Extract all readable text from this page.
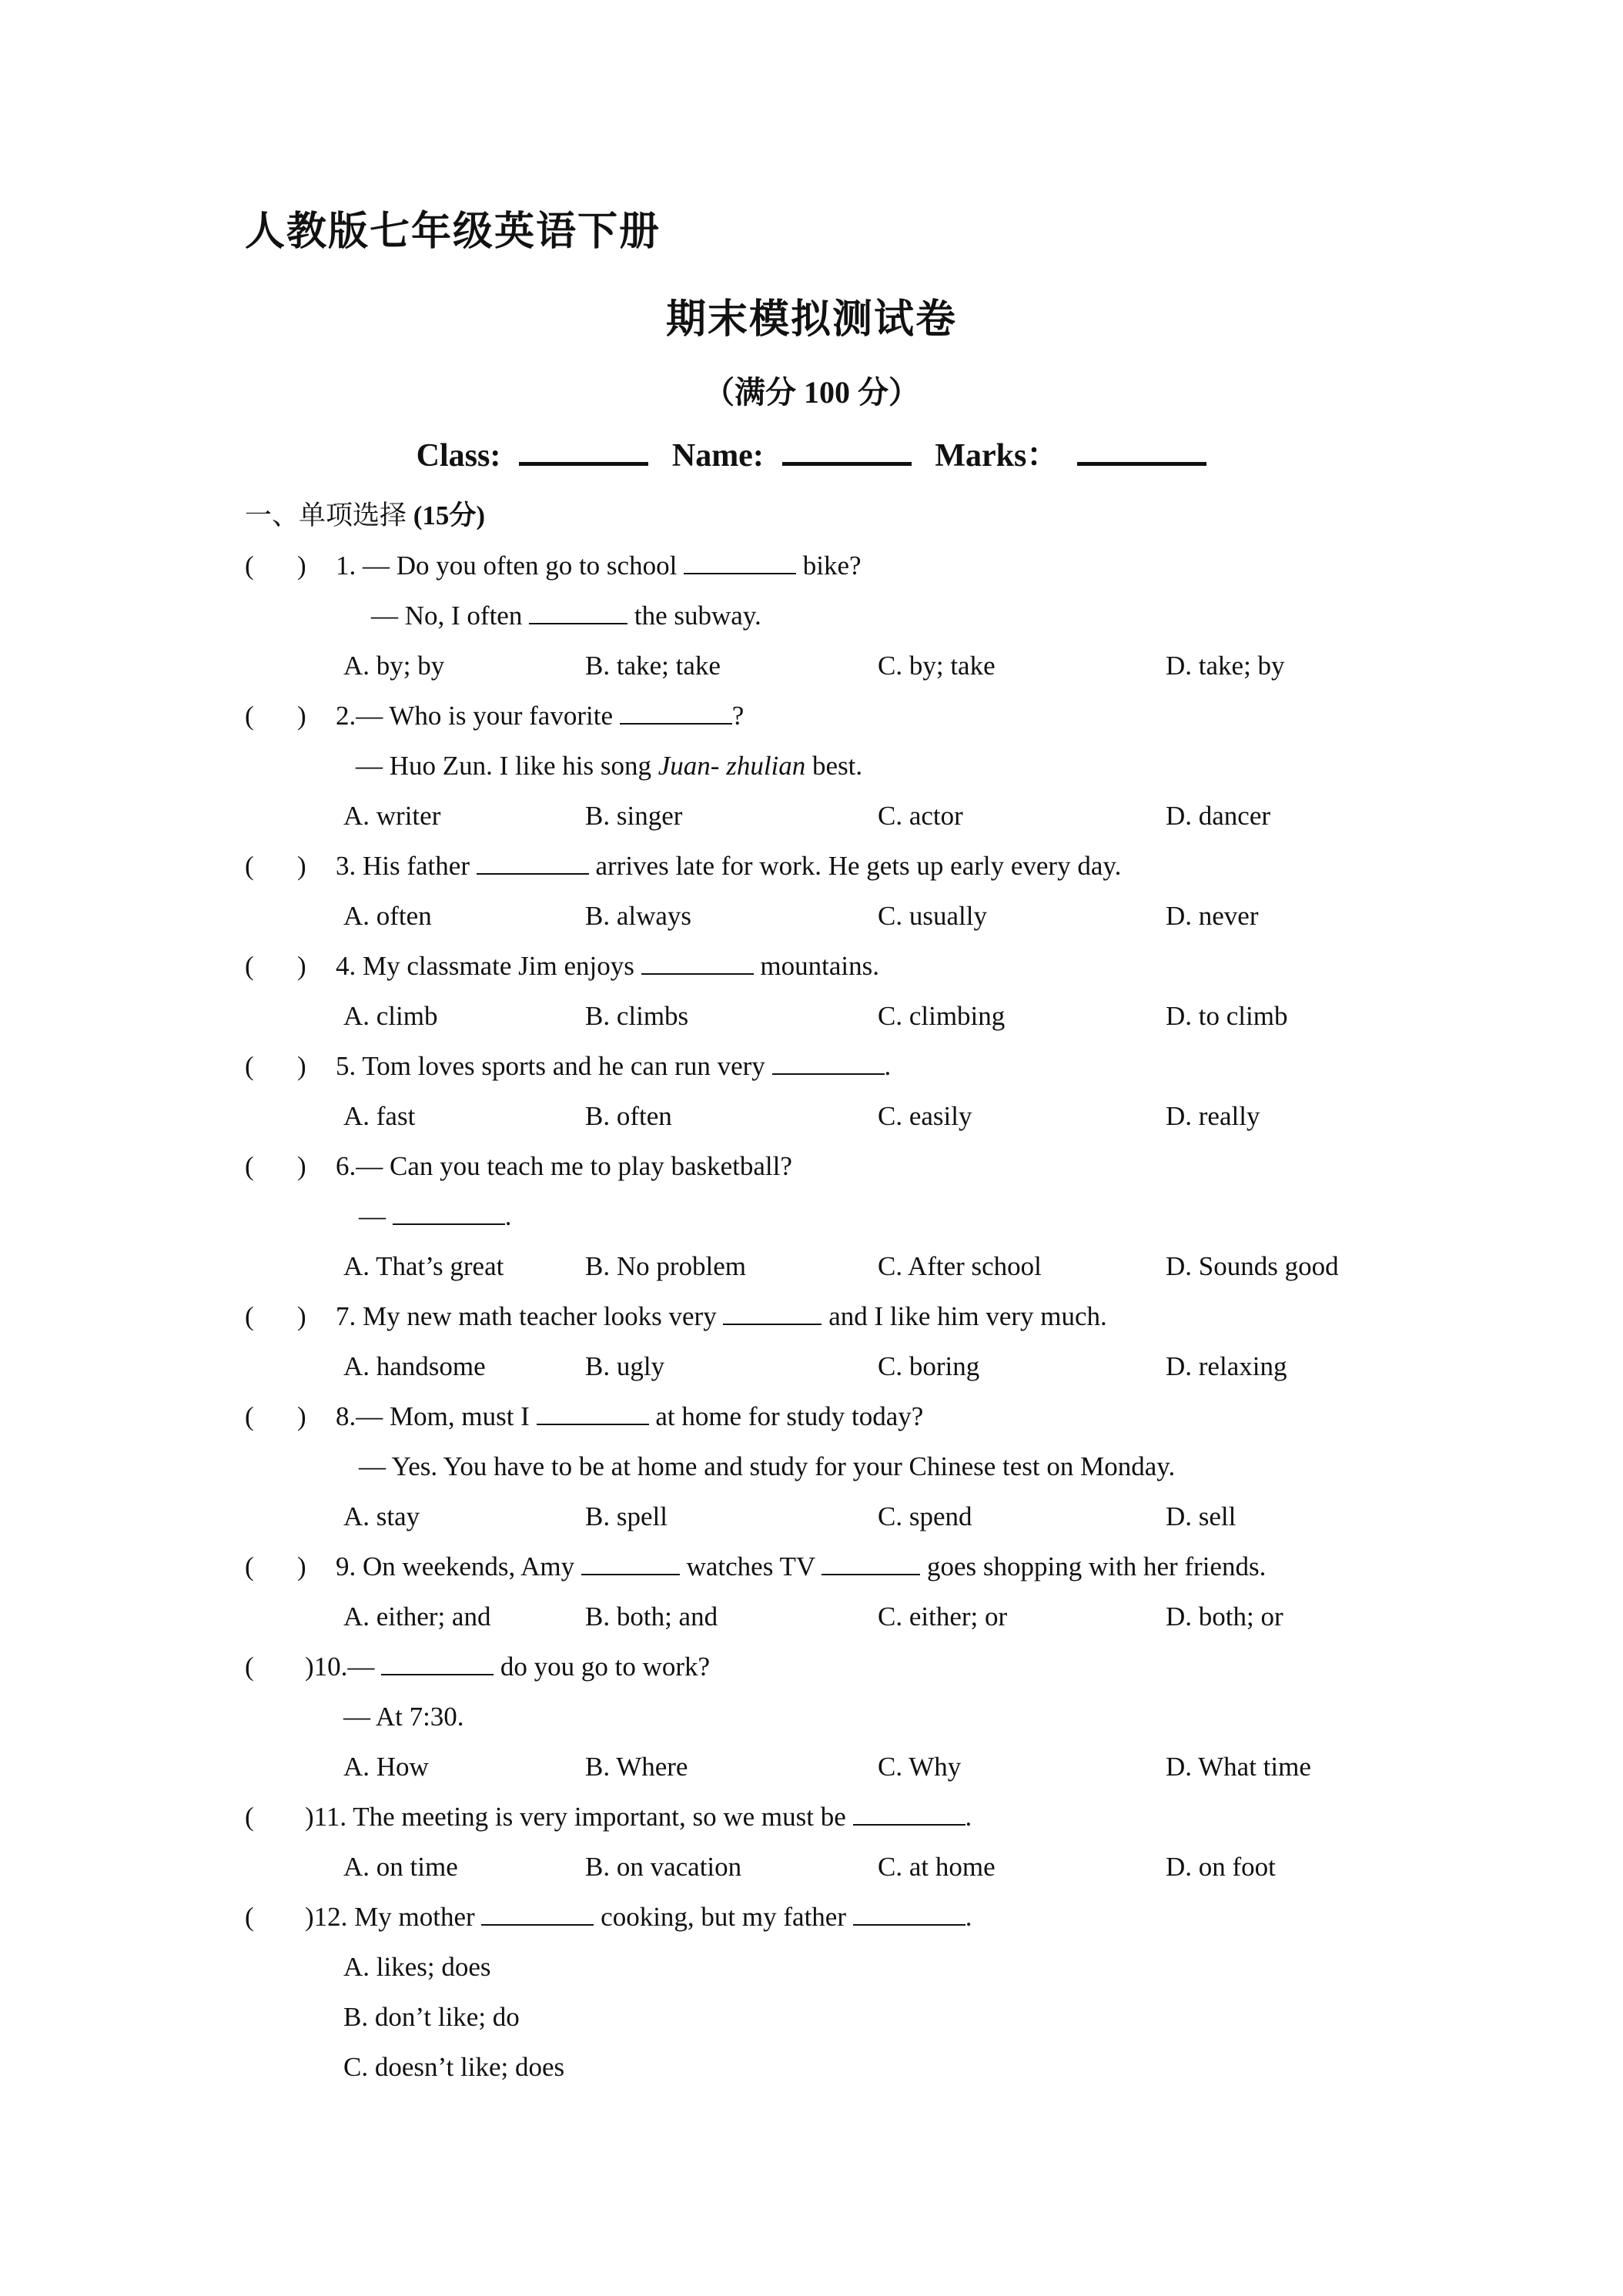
人教版七年级英语下册
期末模拟测试卷
（满分 100 分）
Class:	Name:	Marks：
一、单项选择 (15分)
( ) 1. — Do you often go to school	bike?
— No, I often	the subway.
A. by; by	B. take; take	C. by; take	D. take; by
( ) 2.— Who is your favorite	?
— Huo Zun. I like his song Juan- zhulian best.
A. writer	B. singer	C. actor	D. dancer
( ) 3. His father	arrives late for work. He gets up early every day.
A. often	B. always	C. usually	D. never
( ) 4. My classmate Jim enjoys	mountains.
A. climb	B. climbs	C. climbing	D. to climb
( ) 5. Tom loves sports and he can run very	.
A. fast	B. often	C. easily	D. really
( ) 6.— Can you teach me to play basketball?
—	.
A. That’s great	B. No problem	C. After school	D. Sounds good
( ) 7. My new math teacher looks very	and I like him very much.
A. handsome	B. ugly	C. boring	D. relaxing
( ) 8.— Mom, must I	at home for study today?
— Yes. You have to be at home and study for your Chinese test on Monday.
A. stay	B. spell	C. spend	D. sell
( ) 9. On weekends, Amy	watches TV	goes shopping with her friends.
A. either; and	B. both; and	C. either; or	D. both; or
( )10.—	do you go to work?
— At 7:30.
A. How	B. Where	C. Why	D. What time
( )11. The meeting is very important, so we must be	.
A. on time	B. on vacation	C. at home	D. on foot
( )12. My mother	cooking, but my father	.
A. likes; does
B. don’t like; do
C. doesn’t like; does
